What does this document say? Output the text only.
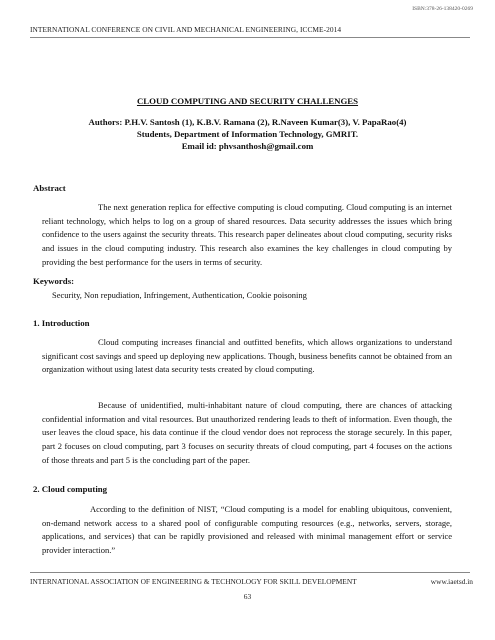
ISBN:378-26-138420-0269
INTERNATIONAL CONFERENCE ON CIVIL AND MECHANICAL ENGINEERING, ICCME-2014
CLOUD COMPUTING AND SECURITY CHALLENGES
Authors: P.H.V. Santosh (1), K.B.V. Ramana (2), R.Naveen Kumar(3), V. PapaRao(4)
Students, Department of Information Technology, GMRIT.
Email id: phvsanthosh@gmail.com
Abstract
The next generation replica for effective computing is cloud computing. Cloud computing is an internet reliant technology, which helps to log on a group of shared resources. Data security addresses the issues which bring confidence to the users against the security threats. This research paper delineates about cloud computing, security risks and issues in the cloud computing industry. This research also examines the key challenges in cloud computing by providing the best performance for the users in terms of security.
Keywords:
Security, Non repudiation, Infringement, Authentication, Cookie poisoning
1. Introduction
Cloud computing increases financial and outfitted benefits, which allows organizations to understand significant cost savings and speed up deploying new applications. Though, business benefits cannot be obtained from an organization without using latest data security tests created by cloud computing.
Because of unidentified, multi-inhabitant nature of cloud computing, there are chances of attacking confidential information and vital resources. But unauthorized rendering leads to theft of information. Even though, the user leaves the cloud space, his data continue if the cloud vendor does not reprocess the storage securely. In this paper, part 2 focuses on cloud computing, part 3 focuses on security threats of cloud computing, part 4 focuses on the actions of those threats and part 5 is the concluding part of the paper.
2. Cloud computing
According to the definition of NIST, “Cloud computing is a model for enabling ubiquitous, convenient, on-demand network access to a shared pool of configurable computing resources (e.g., networks, servers, storage, applications, and services) that can be rapidly provisioned and released with minimal management effort or service provider interaction.”
INTERNATIONAL ASSOCIATION OF ENGINEERING & TECHNOLOGY FOR SKILL DEVELOPMENT	www.iaetsd.in
63
